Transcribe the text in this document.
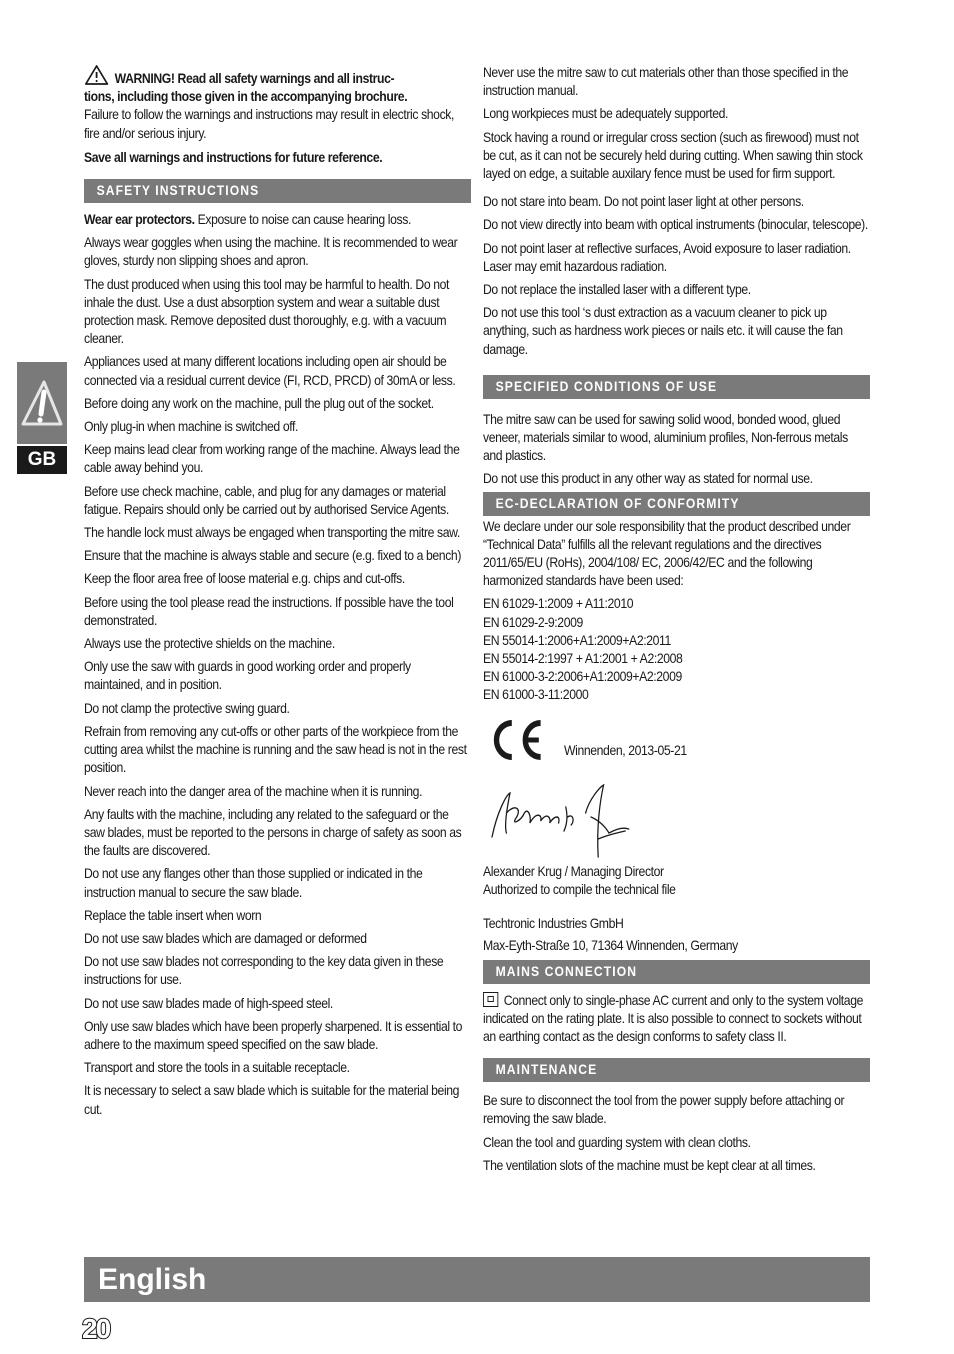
GB

WARNING! Read all safety warnings and all instruc-
tions, including those given in the accompanying brochure.
Failure to follow the warnings and instructions may result in electric shock, fire and/or serious injury.

Save all warnings and instructions for future reference.

SAFETY INSTRUCTIONS

Wear ear protectors. Exposure to noise can cause hearing loss.

Always wear goggles when using the machine. It is recommended to wear gloves, sturdy non slipping shoes and apron.

The dust produced when using this tool may be harmful to health. Do not inhale the dust. Use a dust absorption system and wear a suitable dust protection mask. Remove deposited dust thoroughly, e.g. with a vacuum cleaner.

Appliances used at many different locations including open air should be connected via a residual current device (FI, RCD, PRCD) of 30mA or less.

Before doing any work on the machine, pull the plug out of the socket.

Only plug-in when machine is switched off.

Keep mains lead clear from working range of the machine. Always lead the cable away behind you.

Before use check machine, cable, and plug for any damages or material fatigue. Repairs should only be carried out by authorised Service Agents.

The handle lock must always be engaged when transporting the mitre saw.

Ensure that the machine is always stable and secure (e.g. fixed to a bench)

Keep the floor area free of loose material e.g. chips and cut-offs.

Before using the tool please read the instructions. If possible have the tool demonstrated.

Always use the protective shields on the machine.

Only use the saw with guards in good working order and properly maintained, and in position.

Do not clamp the protective swing guard.

Refrain from removing any cut-offs or other parts of the workpiece from the cutting area whilst the machine is running and the saw head is not in the rest position.

Never reach into the danger area of the machine when it is running.

Any faults with the machine, including any related to the safeguard or the saw blades, must be reported to the persons in charge of safety as soon as the faults are discovered.

Do not use any flanges other than those supplied or indicated in the instruction manual to secure the saw blade.

Replace the table insert when worn

Do not use saw blades which are damaged or deformed

Do not use saw blades not corresponding to the key data given in these instructions for use.

Do not use saw blades made of high-speed steel.

Only use saw blades which have been properly sharpened. It is essential to adhere to the maximum speed specified on the saw blade.

Transport and store the tools in a suitable receptacle.

It is necessary to select a saw blade which is suitable for the material being cut.

Never use the mitre saw to cut materials other than those specified in the instruction manual.

Long workpieces must be adequately supported.

Stock having a round or irregular cross section (such as firewood) must not be cut, as it can not be securely held during cutting. When sawing thin stock layed on edge, a suitable auxilary fence must be used for firm support.

Do not stare into beam. Do not point laser light at other persons.

Do not view directly into beam with optical instruments (binocular, telescope).

Do not point laser at reflective surfaces, Avoid exposure to laser radiation. Laser may emit hazardous radiation.

Do not replace the installed laser with a different type.

Do not use this tool ‘s dust extraction as a vacuum cleaner to pick up anything, such as hardness work pieces or nails etc. it will cause the fan damage.

SPECIFIED CONDITIONS OF USE

The mitre saw can be used for sawing solid wood, bonded wood, glued veneer, materials similar to wood, aluminium profiles, Non-ferrous metals and plastics.

Do not use this product in any other way as stated for normal use.

EC-DECLARATION OF CONFORMITY

We declare under our sole responsibility that the product described under “Technical Data” fulfills all the relevant regulations and the directives 2011/65/EU (RoHs), 2004/108/ EC, 2006/42/EC and the following harmonized standards have been used:

EN 61029-1:2009 + A11:2010

EN 61029-2-9:2009

EN 55014-1:2006+A1:2009+A2:2011

EN 55014-2:1997 + A1:2001 + A2:2008

EN 61000-3-2:2006+A1:2009+A2:2009

EN 61000-3-11:2000

Winnenden, 2013-05-21

Alexander Krug / Managing Director

Authorized to compile the technical file

Techtronic Industries GmbH

Max-Eyth-Straße 10, 71364 Winnenden, Germany

MAINS CONNECTION

Connect only to single-phase AC current and only to the system voltage indicated on the rating plate. It is also possible to connect to sockets without an earthing contact as the design conforms to safety class II.

MAINTENANCE

Be sure to disconnect the tool from the power supply before attaching or removing the saw blade.

Clean the tool and guarding system with clean cloths.

The ventilation slots of the machine must be kept clear at all times.

English
20
